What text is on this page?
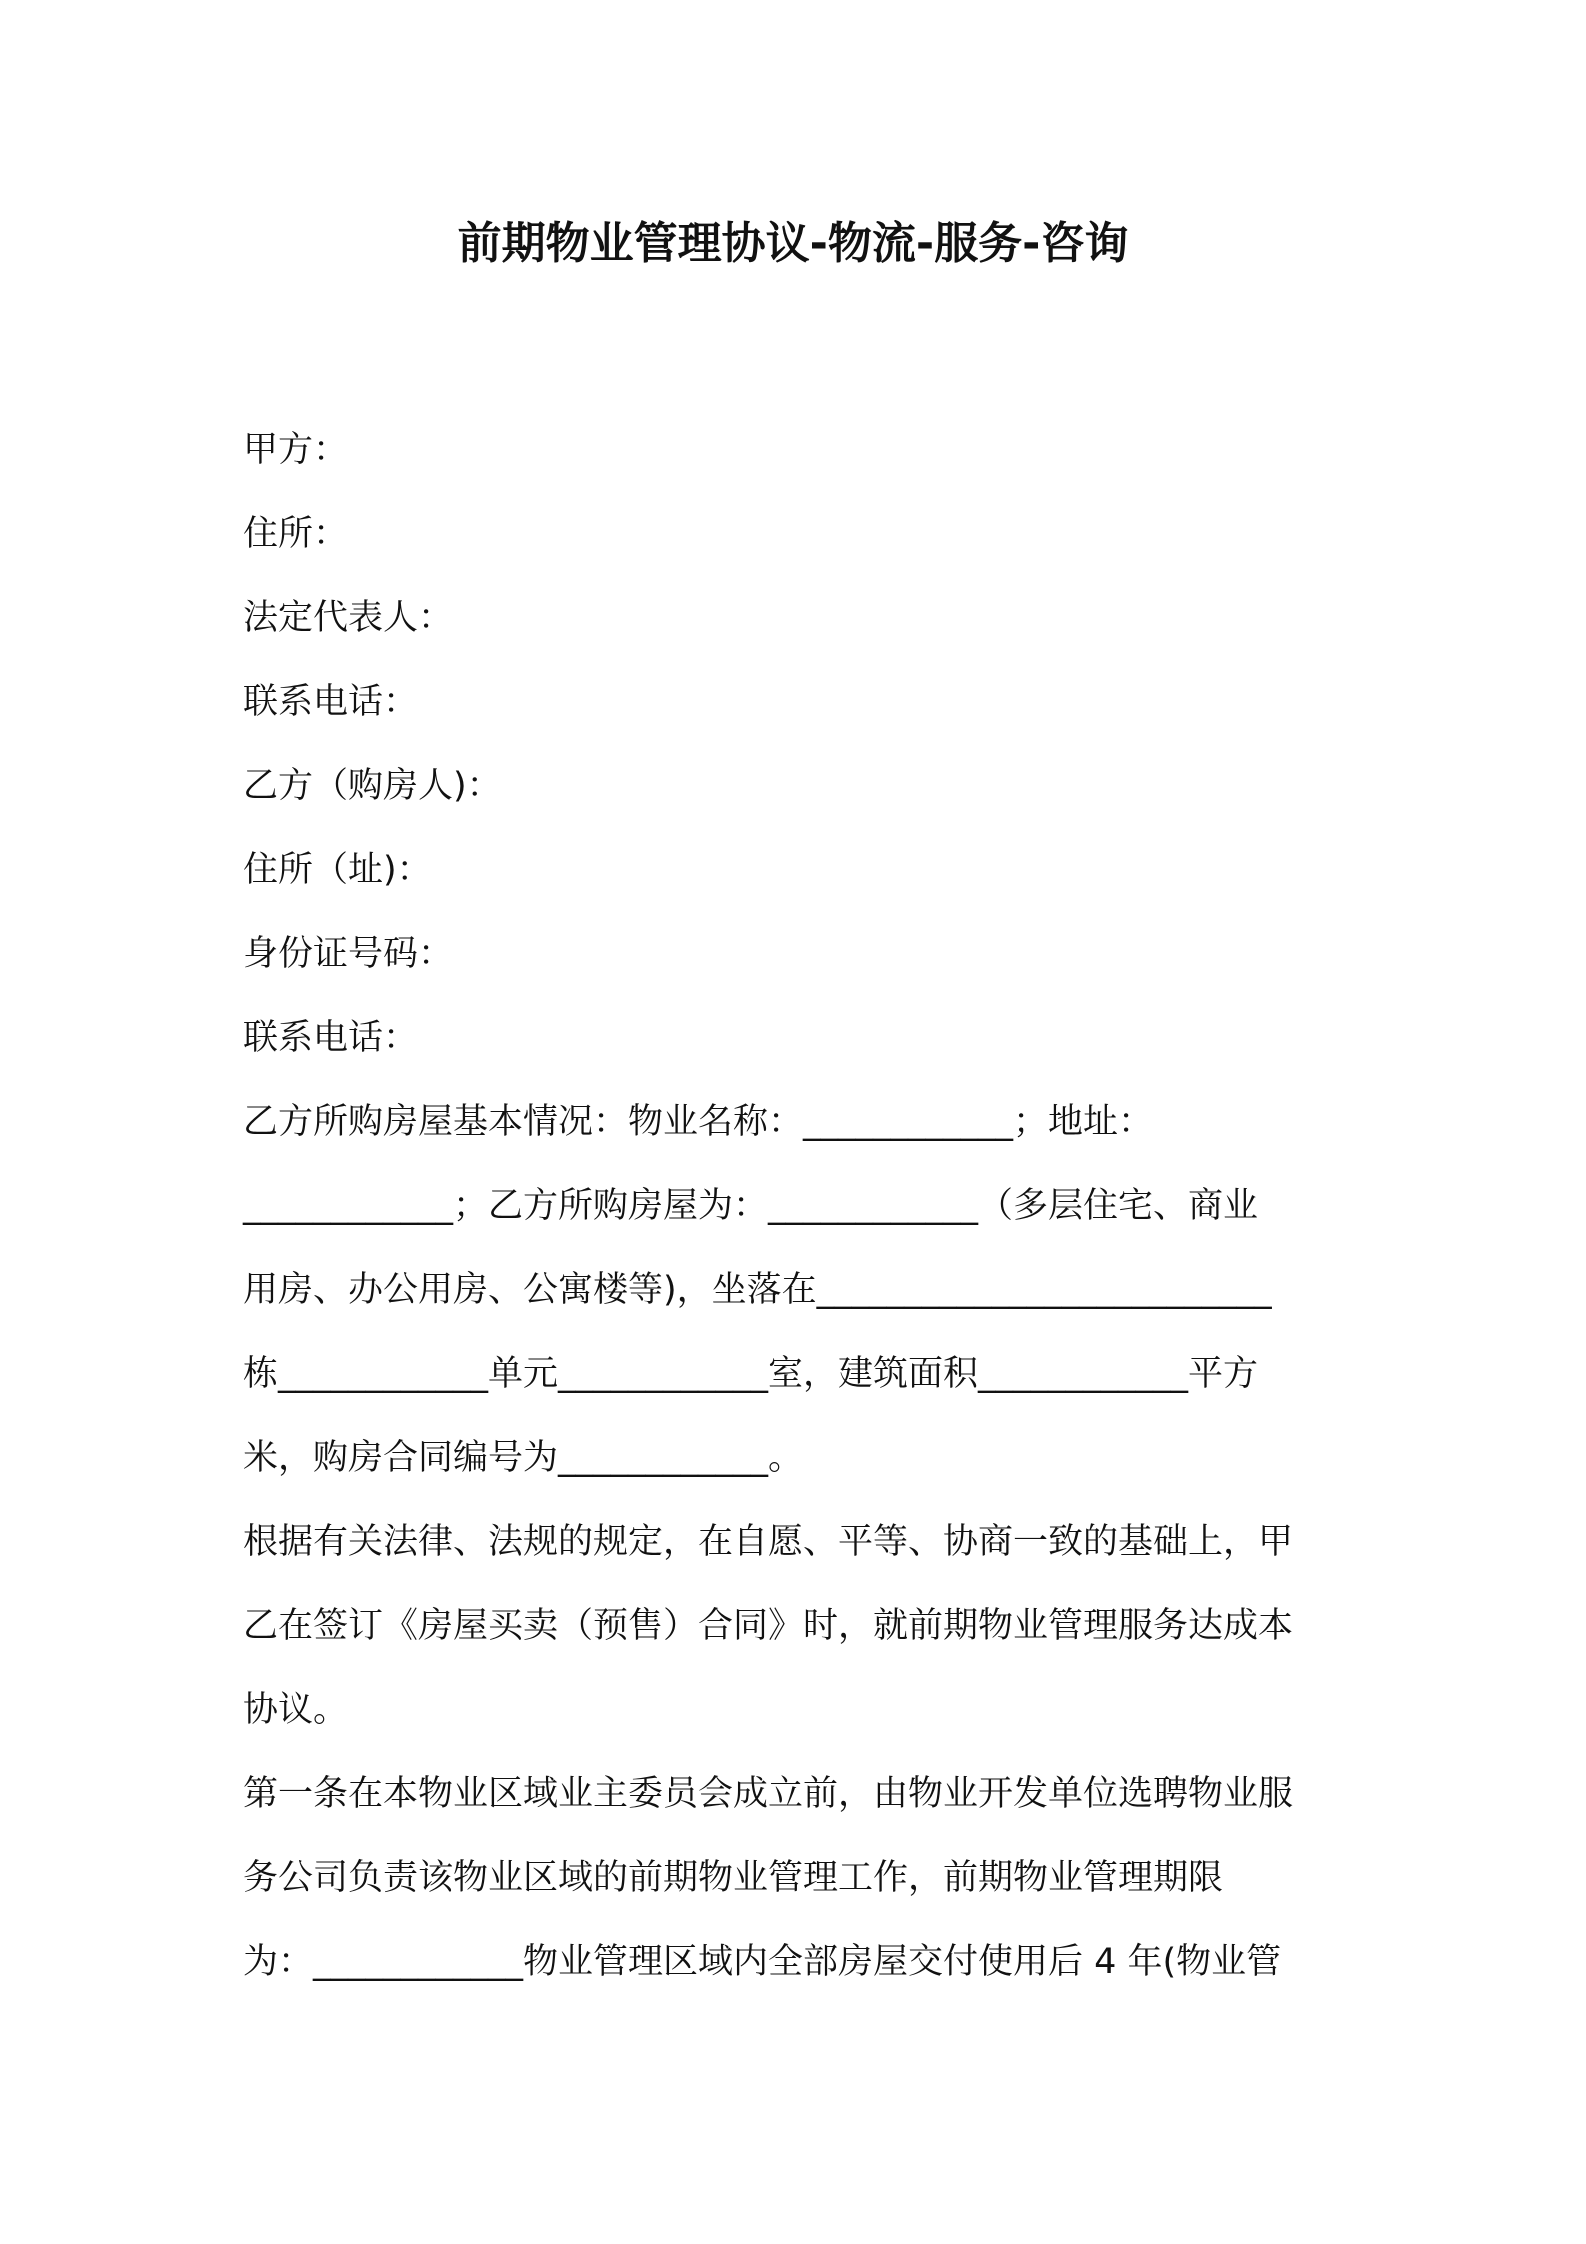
前期物业管理协议-物流-服务-咨询
甲方：
住所：
法定代表人：
联系电话：
乙方（购房人)：
住所（址)：
身份证号码：
联系电话：
乙方所购房屋基本情况：物业名称：____________；地址：
____________；乙方所购房屋为：____________（多层住宅、商业
用房、办公用房、公寓楼等)，坐落在__________________________
栋____________单元____________室，建筑面积____________平方
米，购房合同编号为____________。
根据有关法律、法规的规定，在自愿、平等、协商一致的基础上，甲
乙在签订《房屋买卖（预售）合同》时，就前期物业管理服务达成本
协议。
第一条在本物业区域业主委员会成立前，由物业开发单位选聘物业服
务公司负责该物业区域的前期物业管理工作，前期物业管理期限
为：____________物业管理区域内全部房屋交付使用后 4 年(物业管
